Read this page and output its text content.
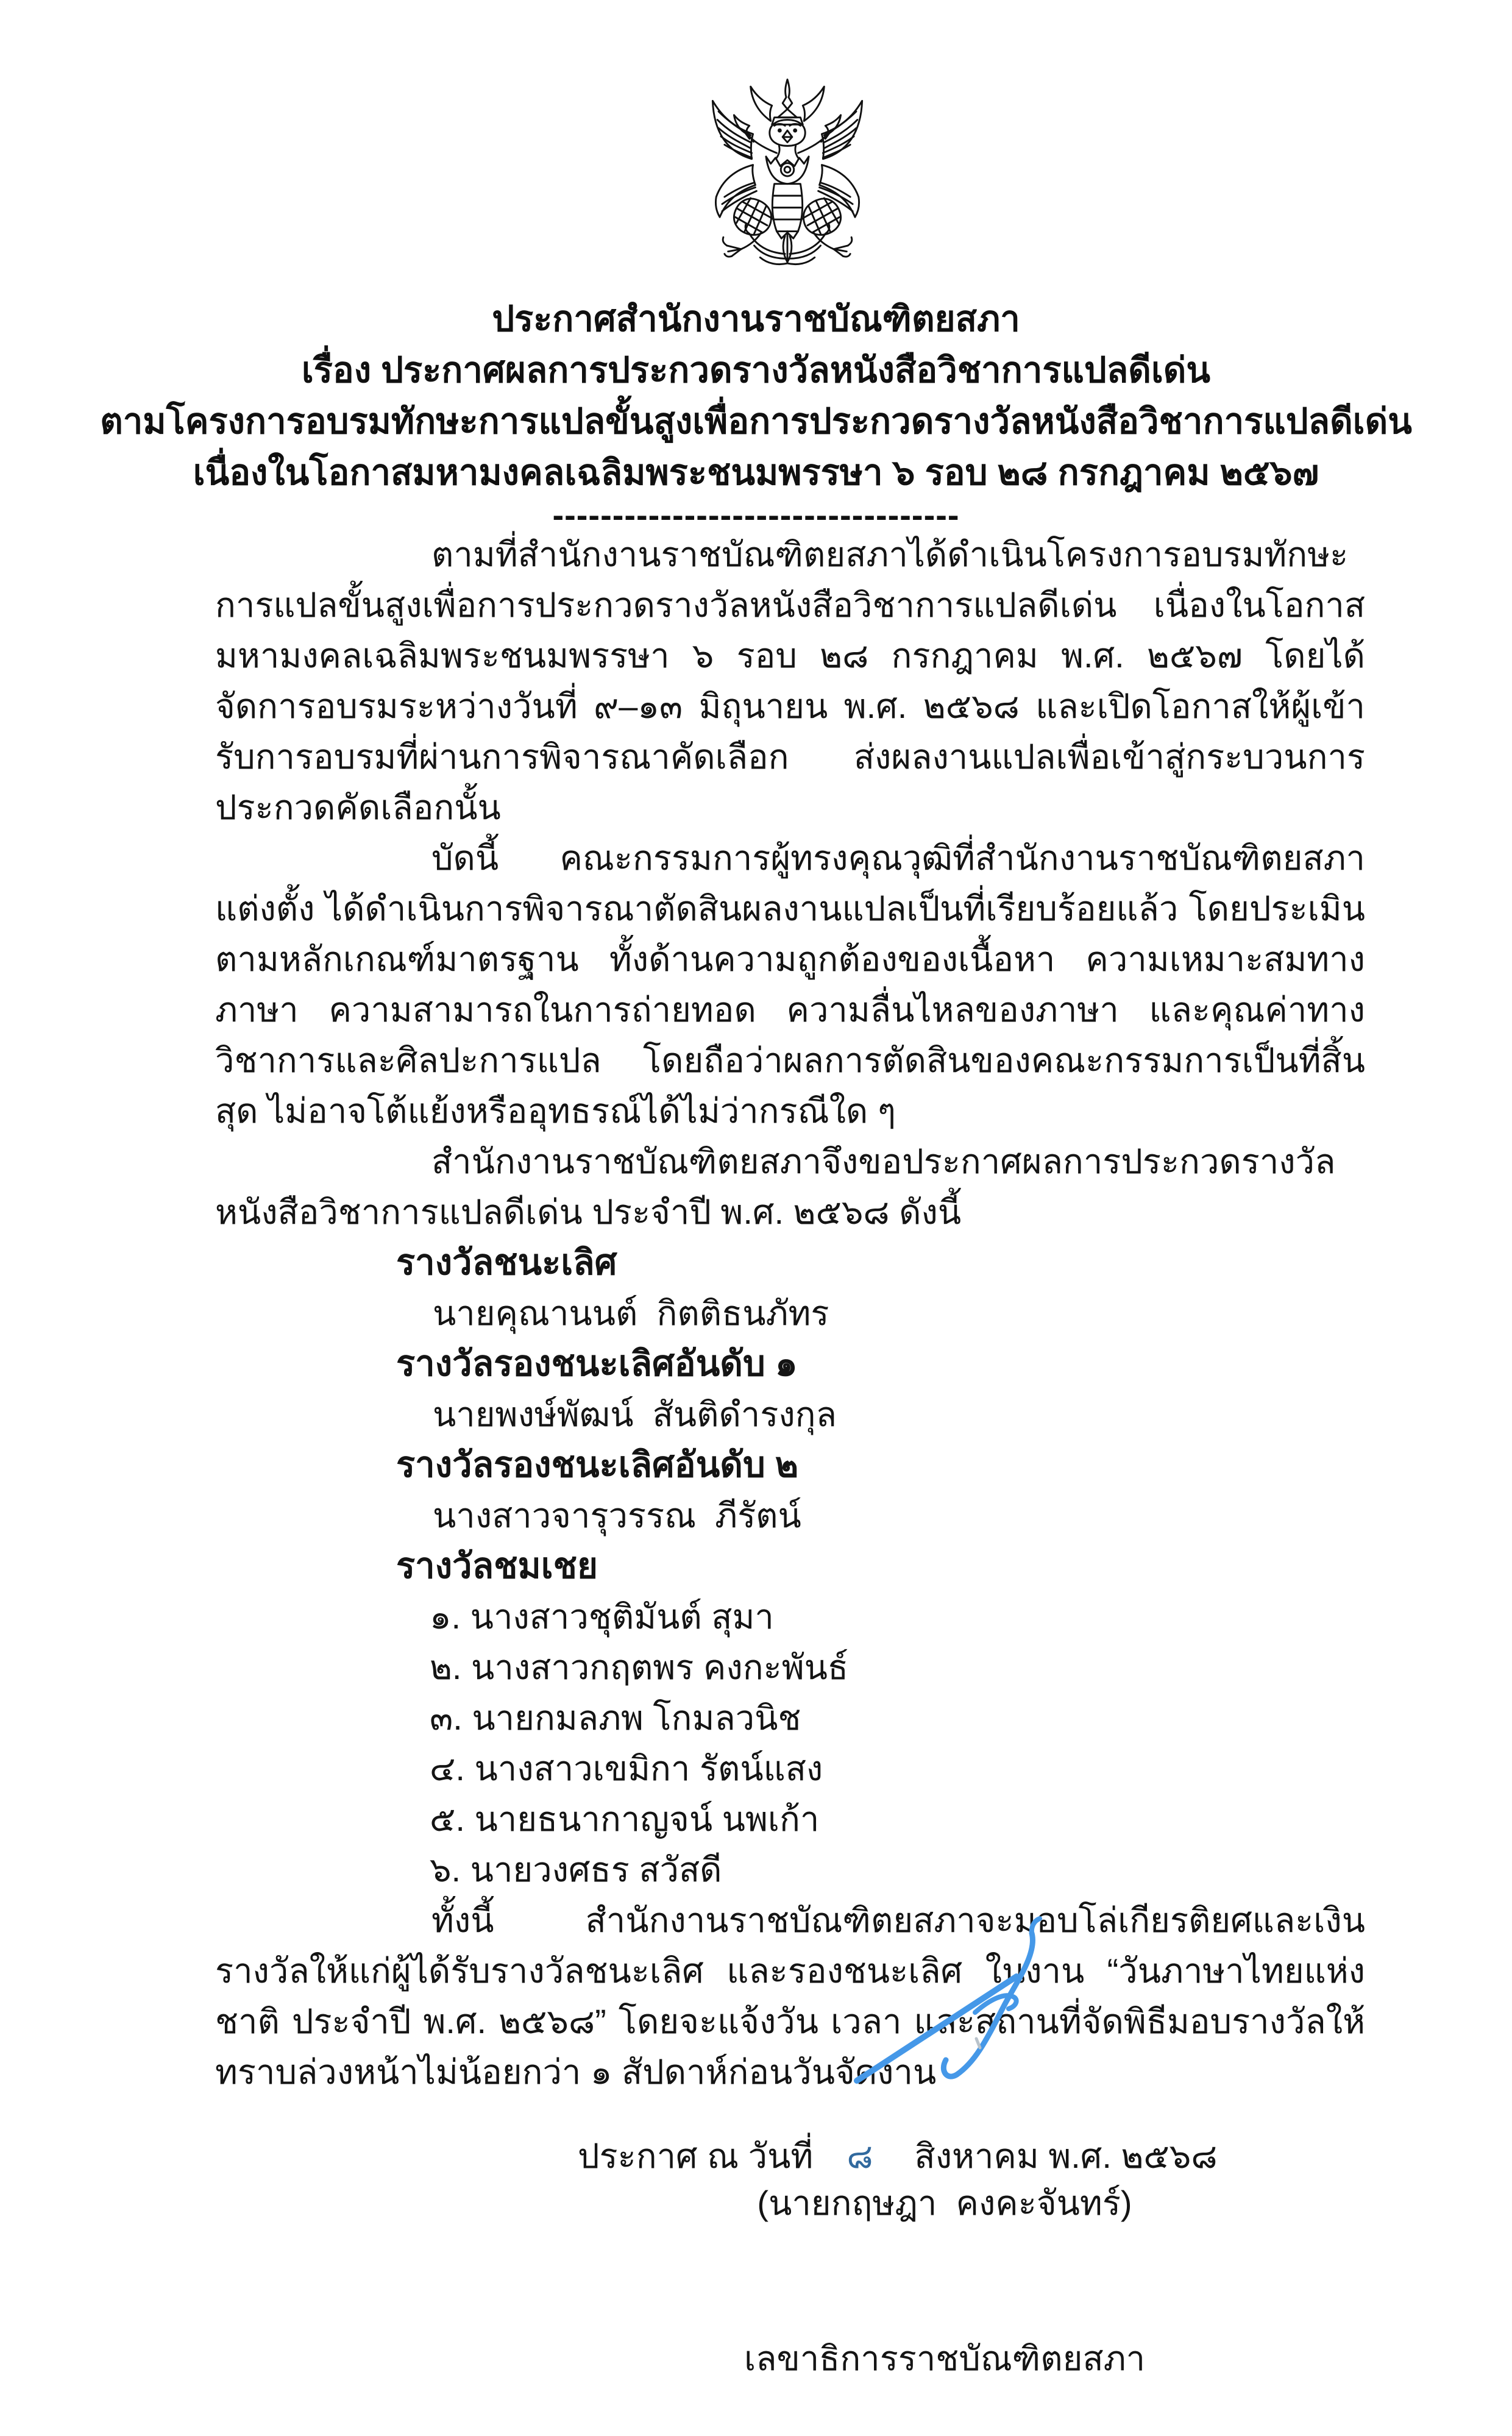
ประกาศสำนักงานราชบัณฑิตยสภา
เรื่อง ประกาศผลการประกวดรางวัลหนังสือวิชาการแปลดีเด่น
ตามโครงการอบรมทักษะการแปลขั้นสูงเพื่อการประกวดรางวัลหนังสือวิชาการแปลดีเด่น
เนื่องในโอกาสมหามงคลเฉลิมพระชนมพรรษา ๖ รอบ ๒๘ กรกฎาคม ๒๕๖๗
----------------------------------

ตามที่สำนักงานราชบัณฑิตยสภาได้ดำเนินโครงการอบรมทักษะการแปลขั้นสูงเพื่อการประกวดรางวัลหนังสือวิชาการแปลดีเด่น เนื่องในโอกาสมหามงคลเฉลิมพระชนมพรรษา ๖ รอบ ๒๘ กรกฎาคม พ.ศ. ๒๕๖๗ โดยได้จัดการอบรมระหว่างวันที่ ๙–๑๓ มิถุนายน พ.ศ. ๒๕๖๘ และเปิดโอกาสให้ผู้เข้ารับการอบรมที่ผ่านการพิจารณาคัดเลือก ส่งผลงานแปลเพื่อเข้าสู่กระบวนการประกวดคัดเลือกนั้น

บัดนี้ คณะกรรมการผู้ทรงคุณวุฒิที่สำนักงานราชบัณฑิตยสภาแต่งตั้ง ได้ดำเนินการพิจารณาตัดสินผลงานแปลเป็นที่เรียบร้อยแล้ว โดยประเมินตามหลักเกณฑ์มาตรฐาน ทั้งด้านความถูกต้องของเนื้อหา ความเหมาะสมทางภาษา ความสามารถในการถ่ายทอด ความลื่นไหลของภาษา และคุณค่าทางวิชาการและศิลปะการแปล โดยถือว่าผลการตัดสินของคณะกรรมการเป็นที่สิ้นสุด ไม่อาจโต้แย้งหรืออุทธรณ์ได้ไม่ว่ากรณีใด ๆ

สำนักงานราชบัณฑิตยสภาจึงขอประกาศผลการประกวดรางวัลหนังสือวิชาการแปลดีเด่น ประจำปี พ.ศ. ๒๕๖๘ ดังนี้

รางวัลชนะเลิศ
นายคุณานนต์  กิตติธนภัทร
รางวัลรองชนะเลิศอันดับ ๑
นายพงษ์พัฒน์  สันติดำรงกุล
รางวัลรองชนะเลิศอันดับ ๒
นางสาวจารุวรรณ  ภีรัตน์
รางวัลชมเชย
๑. นางสาวชุติมันต์ สุมา
๒. นางสาวกฤตพร คงกะพันธ์
๓. นายกมลภพ โกมลวนิช
๔. นางสาวเขมิกา รัตน์แสง
๕. นายธนากาญจน์ นพเก้า
๖. นายวงศธร สวัสดี

ทั้งนี้ สำนักงานราชบัณฑิตยสภาจะมอบโล่เกียรติยศและเงินรางวัลให้แก่ผู้ได้รับรางวัลชนะเลิศ และรองชนะเลิศ ในงาน “วันภาษาไทยแห่งชาติ ประจำปี พ.ศ. ๒๕๖๘” โดยจะแจ้งวัน เวลา และสถานที่จัดพิธีมอบรางวัลให้ทราบล่วงหน้าไม่น้อยกว่า ๑ สัปดาห์ก่อนวันจัดงาน

ประกาศ ณ วันที่ ๘ สิงหาคม พ.ศ. ๒๕๖๘

(นายกฤษฎา  คงคะจันทร์)

เลขาธิการราชบัณฑิตยสภา
